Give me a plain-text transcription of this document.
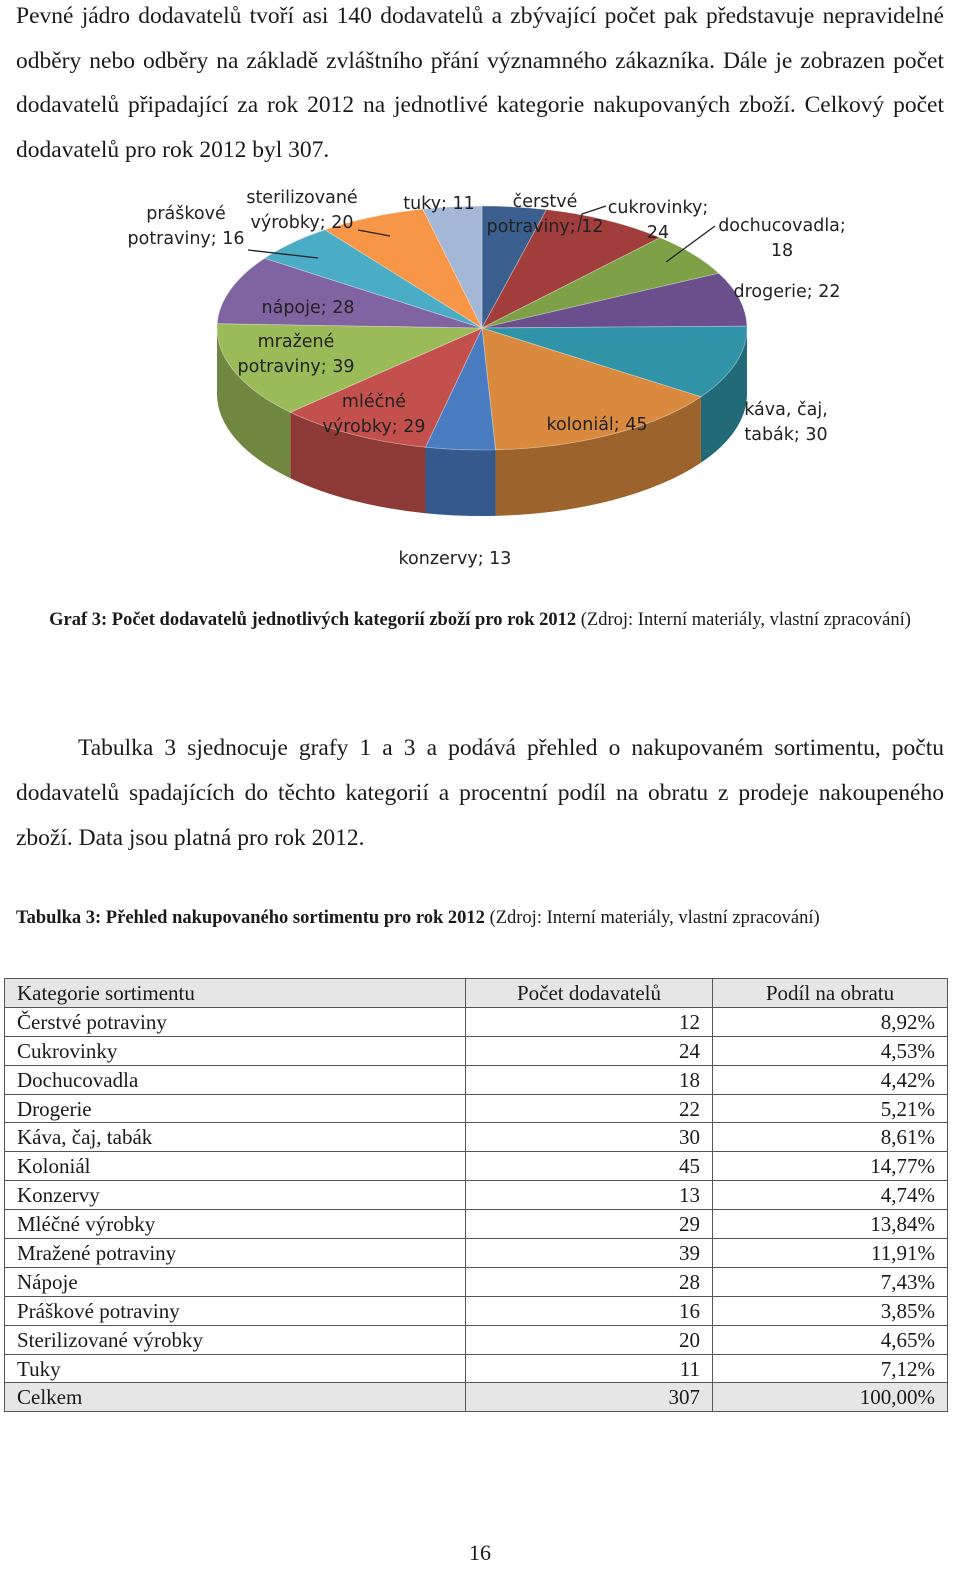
Pevné jádro dodavatelů tvoří asi 140 dodavatelů a zbývající počet pak představuje nepravidelné odběry nebo odběry na základě zvláštního přání významného zákazníka. Dále je zobrazen počet dodavatelů připadající za rok 2012 na jednotlivé kategorie nakupovaných zboží. Celkový počet dodavatelů pro rok 2012 byl 307.
čerstvé
potraviny; 12
cukrovinky;
24	dochucovadla;
18
drogerie; 22
káva, čaj,
tabák; 30
koloniál; 45
konzervy; 13
mléčné
výrobky; 29
mražené
potraviny; 39
nápoje; 28
práškové
potraviny; 16
sterilizované
výrobky; 20
tuky; 11
Graf 3: Počet dodavatelů jednotlivých kategorií zboží pro rok 2012 (Zdroj: Interní materiály, vlastní zpracování)
Tabulka 3 sjednocuje grafy 1 a 3 a podává přehled o nakupovaném sortimentu, počtu dodavatelů spadajících do těchto kategorií a procentní podíl na obratu z prodeje nakoupeného zboží. Data jsou platná pro rok 2012.
Tabulka 3: Přehled nakupovaného sortimentu pro rok 2012 (Zdroj: Interní materiály, vlastní zpracování)
Kategorie sortimentu	Počet dodavatelů	Podíl na obratu
Čerstvé potraviny	12	8,92%
Cukrovinky	24	4,53%
Dochucovadla	18	4,42%
Drogerie	22	5,21%
Káva, čaj, tabák	30	8,61%
Koloniál	45	14,77%
Konzervy	13	4,74%
Mléčné výrobky	29	13,84%
Mražené potraviny	39	11,91%
Nápoje	28	7,43%
Práškové potraviny	16	3,85%
Sterilizované výrobky	20	4,65%
Tuky	11	7,12%
Celkem	307	100,00%
16
